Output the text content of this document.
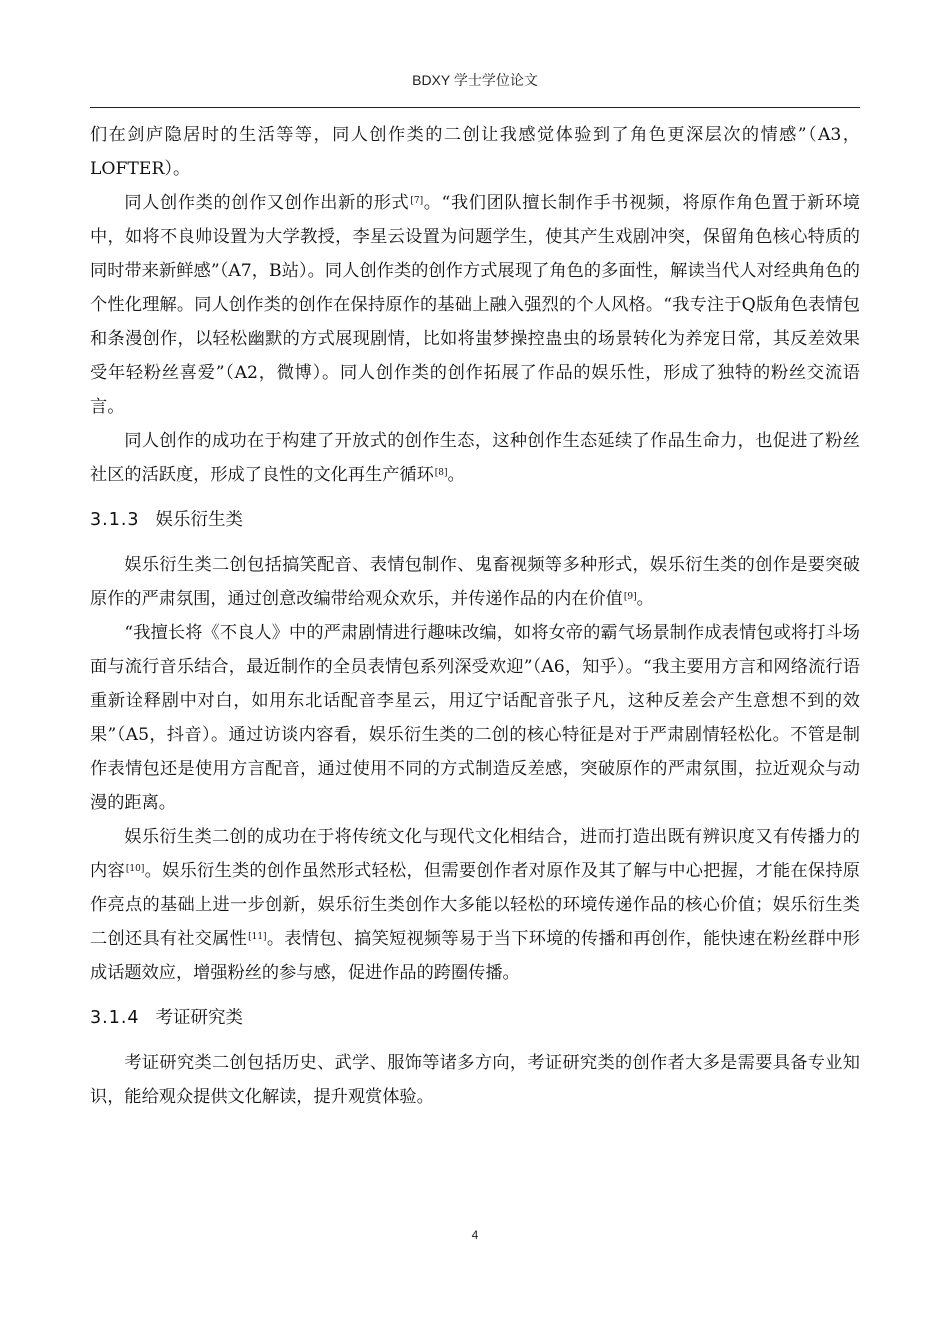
BDXY 学士学位论文

们在剑庐隐居时的生活等等，同人创作类的二创让我感觉体验到了角色更深层次的情感”（A3，LOFTER）。

同人创作类的创作又创作出新的形式[7]。“我们团队擅长制作手书视频，将原作角色置于新环境中，如将不良帅设置为大学教授，李星云设置为问题学生，使其产生戏剧冲突，保留角色核心特质的同时带来新鲜感”（A7，B站）。同人创作类的创作方式展现了角色的多面性，解读当代人对经典角色的个性化理解。同人创作类的创作在保持原作的基础上融入强烈的个人风格。“我专注于Q版角色表情包和条漫创作，以轻松幽默的方式展现剧情，比如将蚩梦操控蛊虫的场景转化为养宠日常，其反差效果受年轻粉丝喜爱”（A2，微博）。同人创作类的创作拓展了作品的娱乐性，形成了独特的粉丝交流语言。

同人创作的成功在于构建了开放式的创作生态，这种创作生态延续了作品生命力，也促进了粉丝社区的活跃度，形成了良性的文化再生产循环[8]。

3.1.3 娱乐衍生类

娱乐衍生类二创包括搞笑配音、表情包制作、鬼畜视频等多种形式，娱乐衍生类的创作是要突破原作的严肃氛围，通过创意改编带给观众欢乐，并传递作品的内在价值[9]。

“我擅长将《不良人》中的严肃剧情进行趣味改编，如将女帝的霸气场景制作成表情包或将打斗场面与流行音乐结合，最近制作的全员表情包系列深受欢迎”（A6，知乎）。“我主要用方言和网络流行语重新诠释剧中对白，如用东北话配音李星云，用辽宁话配音张子凡，这种反差会产生意想不到的效果”（A5，抖音）。通过访谈内容看，娱乐衍生类的二创的核心特征是对于严肃剧情轻松化。不管是制作表情包还是使用方言配音，通过使用不同的方式制造反差感，突破原作的严肃氛围，拉近观众与动漫的距离。

娱乐衍生类二创的成功在于将传统文化与现代文化相结合，进而打造出既有辨识度又有传播力的内容[10]。娱乐衍生类的创作虽然形式轻松，但需要创作者对原作及其了解与中心把握，才能在保持原作亮点的基础上进一步创新，娱乐衍生类创作大多能以轻松的环境传递作品的核心价值；娱乐衍生类二创还具有社交属性[11]。表情包、搞笑短视频等易于当下环境的传播和再创作，能快速在粉丝群中形成话题效应，增强粉丝的参与感，促进作品的跨圈传播。

3.1.4 考证研究类

考证研究类二创包括历史、武学、服饰等诸多方向，考证研究类的创作者大多是需要具备专业知识，能给观众提供文化解读，提升观赏体验。

4
